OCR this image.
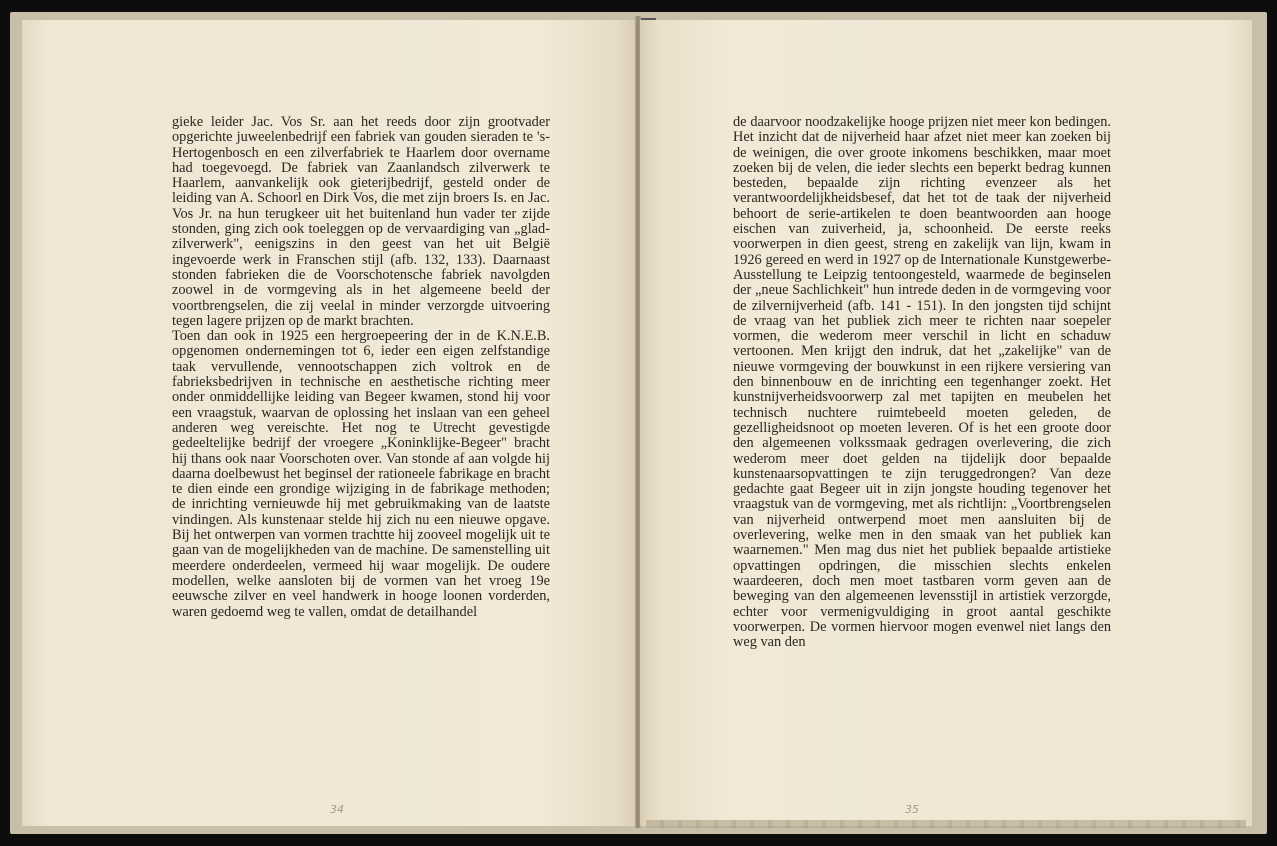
gieke leider Jac. Vos Sr. aan het reeds door zijn grootvader opgerichte juweelenbedrijf een fabriek van gouden sieraden te 's-Hertogenbosch en een zilverfabriek te Haarlem door overname had toegevoegd. De fabriek van Zaanlandsch zilverwerk te Haarlem, aanvankelijk ook gieterijbedrijf, gesteld onder de leiding van A. Schoorl en Dirk Vos, die met zijn broers Is. en Jac. Vos Jr. na hun terugkeer uit het buitenland hun vader ter zijde stonden, ging zich ook toeleggen op de vervaardiging van „glad-zilverwerk", eenigszins in den geest van het uit België ingevoerde werk in Franschen stijl (afb. 132, 133). Daarnaast stonden fabrieken die de Voorschotensche fabriek navolgden zoowel in de vormgeving als in het algemeene beeld der voortbrengselen, die zij veelal in minder verzorgde uitvoering tegen lagere prijzen op de markt brachten.

Toen dan ook in 1925 een hergroepeering der in de K.N.E.B. opgenomen ondernemingen tot 6, ieder een eigen zelfstandige taak vervullende, vennootschappen zich voltrok en de fabrieksbedrijven in technische en aesthetische richting meer onder onmiddellijke leiding van Begeer kwamen, stond hij voor een vraagstuk, waarvan de oplossing het inslaan van een geheel anderen weg vereischte. Het nog te Utrecht gevestigde gedeeltelijke bedrijf der vroegere „Koninklijke-Begeer" bracht hij thans ook naar Voorschoten over. Van stonde af aan volgde hij daarna doelbewust het beginsel der rationeele fabrikage en bracht te dien einde een grondige wijziging in de fabrikage methoden; de inrichting vernieuwde hij met gebruikmaking van de laatste vindingen. Als kunstenaar stelde hij zich nu een nieuwe opgave. Bij het ontwerpen van vormen trachtte hij zooveel mogelijk uit te gaan van de mogelijkheden van de machine. De samenstelling uit meerdere onderdeelen, vermeed hij waar mogelijk. De oudere modellen, welke aansloten bij de vormen van het vroeg 19e eeuwsche zilver en veel handwerk in hooge loonen vorderden, waren gedoemd weg te vallen, omdat de detailhandel

34

de daarvoor noodzakelijke hooge prijzen niet meer kon bedingen. Het inzicht dat de nijverheid haar afzet niet meer kan zoeken bij de weinigen, die over groote inkomens beschikken, maar moet zoeken bij de velen, die ieder slechts een beperkt bedrag kunnen besteden, bepaalde zijn richting evenzeer als het verantwoordelijkheidsbesef, dat het tot de taak der nijverheid behoort de serie-artikelen te doen beantwoorden aan hooge eischen van zuiverheid, ja, schoonheid. De eerste reeks voorwerpen in dien geest, streng en zakelijk van lijn, kwam in 1926 gereed en werd in 1927 op de Internationale Kunstgewerbe-Ausstellung te Leipzig tentoongesteld, waarmede de beginselen der „neue Sachlichkeit" hun intrede deden in de vormgeving voor de zilvernijverheid (afb. 141 - 151). In den jongsten tijd schijnt de vraag van het publiek zich meer te richten naar soepeler vormen, die wederom meer verschil in licht en schaduw vertoonen. Men krijgt den indruk, dat het „zakelijke" van de nieuwe vormgeving der bouwkunst in een rijkere versiering van den binnenbouw en de inrichting een tegenhanger zoekt. Het kunstnijverheidsvoorwerp zal met tapijten en meubelen het technisch nuchtere ruimtebeeld moeten geleden, de gezelligheidsnoot op moeten leveren. Of is het een groote door den algemeenen volkssmaak gedragen overlevering, die zich wederom meer doet gelden na tijdelijk door bepaalde kunstenaarsopvattingen te zijn teruggedrongen? Van deze gedachte gaat Begeer uit in zijn jongste houding tegenover het vraagstuk van de vormgeving, met als richtlijn: „Voortbrengselen van nijverheid ontwerpend moet men aansluiten bij de overlevering, welke men in den smaak van het publiek kan waarnemen." Men mag dus niet het publiek bepaalde artistieke opvattingen opdringen, die misschien slechts enkelen waardeeren, doch men moet tastbaren vorm geven aan de beweging van den algemeenen levensstijl in artistiek verzorgde, echter voor vermenigvuldiging in groot aantal geschikte voorwerpen. De vormen hiervoor mogen evenwel niet langs den weg van den

35
